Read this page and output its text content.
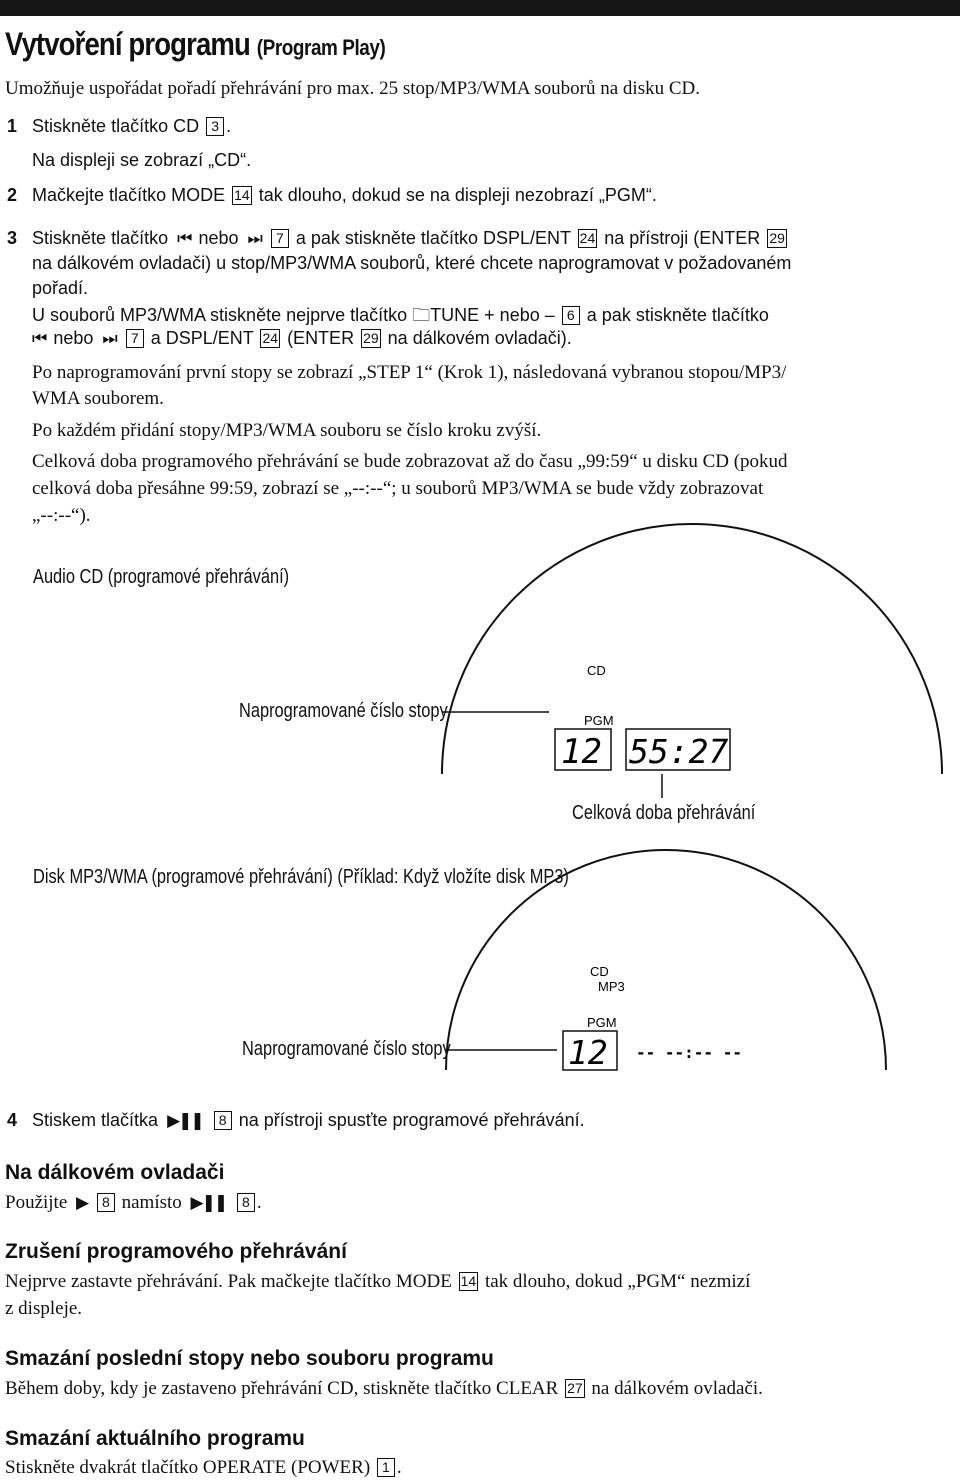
Vytvoření programu (Program Play)
Umožňuje uspořádat pořadí přehrávání pro max. 25 stop/MP3/WMA souborů na disku CD.
1 Stiskněte tlačítko CD 3 .
Na displeji se zobrazí „CD“.
2 Mačkejte tlačítko MODE 14 tak dlouho, dokud se na displeji nezobrazí „PGM“.
3 Stiskněte tlačítko ⏮ nebo ⏭ 7 a pak stiskněte tlačítko DSPL/ENT 24 na přístroji (ENTER 29
na dálkovém ovladači) u stop/MP3/WMA souborů, které chcete naprogramovat v požadovaném
pořadí.
U souborů MP3/WMA stiskněte nejprve tlačítko 🗀TUNE + nebo – 6 a pak stiskněte tlačítko
⏮ nebo ⏭ 7 a DSPL/ENT 24 (ENTER 29 na dálkovém ovladači).
Po naprogramování první stopy se zobrazí „STEP 1“ (Krok 1), následovaná vybranou stopou/MP3/
WMA souborem.
Po každém přidání stopy/MP3/WMA souboru se číslo kroku zvýší.
Celková doba programového přehrávání se bude zobrazovat až do času „99:59“ u disku CD (pokud
celková doba přesáhne 99:59, zobrazí se „--:--“; u souborů MP3/WMA se bude vždy zobrazovat
„--:--“).
Audio CD (programové přehrávání)
CD
PGM
12 55:27
CD
MP3
PGM
12 -- --:-- --
Naprogramované číslo stopy
Celková doba přehrávání
Disk MP3/WMA (programové přehrávání) (Příklad: Když vložíte disk MP3)
Naprogramované číslo stopy
4 Stiskem tlačítka ▶❚❚ 8 na přístroji spusťte programové přehrávání.
Na dálkovém ovladači
Použijte ▶ 8 namísto ▶❚❚ 8 .
Zrušení programového přehrávání
Nejprve zastavte přehrávání. Pak mačkejte tlačítko MODE 14 tak dlouho, dokud „PGM“ nezmizí
z displeje.
Smazání poslední stopy nebo souboru programu
Během doby, kdy je zastaveno přehrávání CD, stiskněte tlačítko CLEAR 27 na dálkovém ovladači.
Smazání aktuálního programu
Stiskněte dvakrát tlačítko OPERATE (POWER) 1 .
